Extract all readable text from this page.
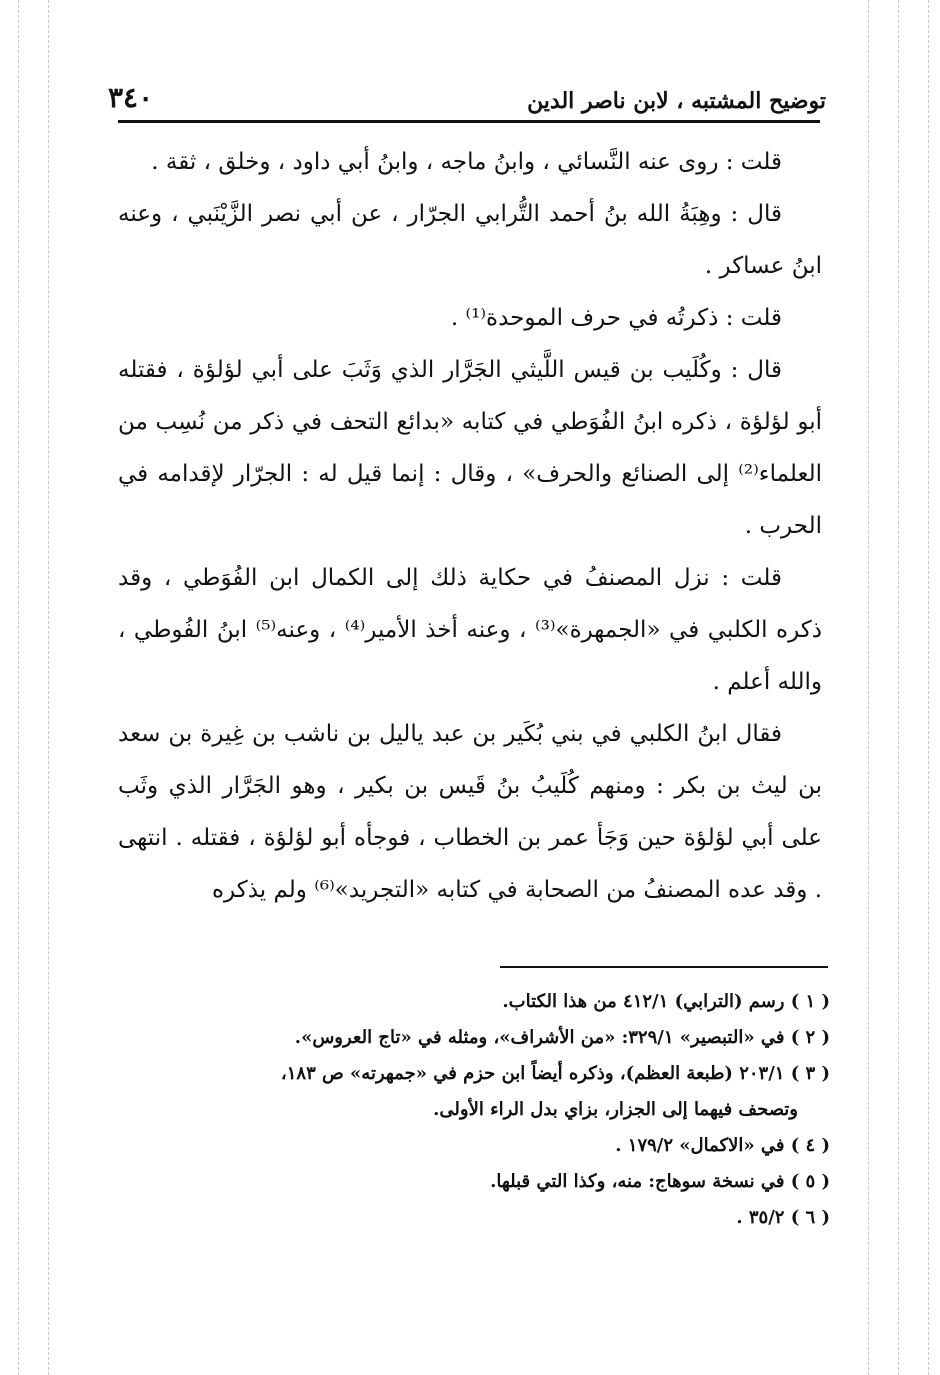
٣٤٠	توضيح المشتبه ، لابن ناصر الدين

قلت : روى عنه النَّسائي ، وابنُ ماجه ، وابنُ أبي داود ، وخلق ، ثقة .

قال : وهِبَةُ الله بنُ أحمد التُّرابي الجرّار ، عن أبي نصر الزَّيْنَبي ، وعنه ابنُ عساكر .

قلت : ذكرتُه في حرف الموحدة⁽¹⁾ .

قال : وكُلَيب بن قيس اللَّيثي الجَرَّار الذي وَثَبَ على أبي لؤلؤة ، فقتله أبو لؤلؤة ، ذكره ابنُ الفُوَطي في كتابه «بدائع التحف في ذكر من نُسِب من العلماء⁽²⁾ إلى الصنائع والحرف» ، وقال : إنما قيل له : الجرّار لإقدامه في الحرب .

قلت : نزل المصنفُ في حكاية ذلك إلى الكمال ابن الفُوَطي ، وقد ذكره الكلبي في «الجمهرة»⁽³⁾ ، وعنه أخذ الأمير⁽⁴⁾ ، وعنه⁽⁵⁾ ابنُ الفُوطي ، والله أعلم .

فقال ابنُ الكلبي في بني بُكَير بن عبد ياليل بن ناشب بن غِيرة بن سعد بن ليث بن بكر : ومنهم كُلَيبُ بنُ قَيس بن بكير ، وهو الجَرَّار الذي وثَب على أبي لؤلؤة حين وَجَأ عمر بن الخطاب ، فوجأه أبو لؤلؤة ، فقتله . انتهى . وقد عده المصنفُ من الصحابة في كتابه «التجريد»⁽⁶⁾ ولم يذكره

( ١ ) رسم (الترابي) ٤١٢/١ من هذا الكتاب.

( ٢ ) في «التبصير» ٣٢٩/١: «من الأشراف»، ومثله في «تاج العروس».

( ٣ ) ٢٠٣/١ (طبعة العظم)، وذكره أيضاً ابن حزم في «جمهرته» ص ١٨٣،

وتصحف فيهما إلى الجزار، بزاي بدل الراء الأولى.

( ٤ ) في «الاكمال» ١٧٩/٢ .

( ٥ ) في نسخة سوهاج: منه، وكذا التي قبلها.

( ٦ ) ٣٥/٢ .
